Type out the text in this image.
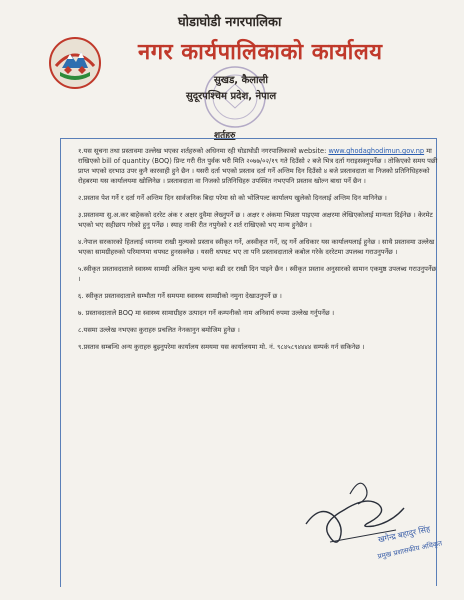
घोडाघोडी नगरपालिका
नगर कार्यपालिकाको कार्यालय
सुखड, कैलाली
सुदूरपश्चिम प्रदेश, नेपाल
शर्तहरु

१.यस सूचना तथा प्रस्तावमा उल्लेख भएका शर्तहरुको अधिनमा रही घोडाघोडी नगरपालिकाको website: www.ghodaghodimun.gov.np मा राखिएको bill of quantity (BOQ) प्रिन्ट गरी रीत पुर्वक भरी मिति २०७७/०२/१९ गते दिउँसो २ बजे भित्र दर्ता गराइसक्नुपर्नेछ । तोकिएको समय पछी प्राप्त भएको दरभाउ उपर कुनै कारवाही हुने छैन । यसरी दर्ता भएको प्रस्ताव दर्ता गर्ने अन्तिम दिन दिउँसो ४ बजे प्रस्तावदाता वा निजको प्रतिनिधिहरुको रोहबरमा यस कार्यालयमा खोलिनेछ । प्रस्तावदाता वा निजको प्रतिनिधिहरु उपस्थित नभएपनि प्रस्ताव खोल्न बाधा पर्ने छैन ।

२.प्रस्ताव पेश गर्ने र दर्ता गर्ने अन्तिम दिन सार्वजनिक बिदा परेमा सो को भोलिपल्ट कार्यालय खुलेको दिनलाई अन्तिम दिन मानिनेछ ।

३.प्रस्तावमा सु.अ.कर बाहेकको दररेट अंक र अक्षर दुवैमा लेख्नुपर्ने छ । अक्षर र अंकमा भिन्नता पाइएमा अक्षरमा लेखिएकोलाई मान्यता दिईनेछ । केरमेट भएको भए सहीछाप गरेको हुनु पर्नेछ । स्याह नाकी रीत नपुगेको र शर्त राखिएको भए मान्य हुनेछैन ।

४.नेपाल सरकारको हितलाई ध्यानमा राखी मुल्यको प्रस्ताव स्वीकृत गर्ने, अस्वीकृत गर्ने, रद्द गर्ने अधिकार यस कार्यालयलाई हुनेछ । साथै प्रस्तावमा उल्लेख भएका सामग्रीहरुको परिमाणमा थपघट हुनसक्नेछ । यसरी थपघट भए ता पनि प्रस्तावदाताले कबोल गरेके दररेटमा उपलब्ध गराउनुपर्नेछ ।

५.स्वीकृत प्रस्तावदाताले स्वास्थ्य सामग्री अंकित मुल्य भन्दा बढी दर राखी दिन पाइने छैन । स्वीकृत प्रस्ताव अनुसारको सामान एकमुष्ठ उपलब्ध गराउनुपर्नेछ ।

६. स्वीकृत प्रस्तावदाताले सम्भौता गर्ने समयमा स्वास्थ्य सामग्रीको नमुना देखाउनुपर्ने छ ।

७. प्रस्तावदाताले BOQ मा स्वास्थ्य सामाग्रीहरु उत्पादन गर्ने कम्पनीको नाम अनिवार्य रुपमा उल्लेख गर्नुपर्नेछ ।

८.यसमा उल्लेख नभएका कुराहरु प्रचलित नेनकानुन बमोजिम हुनेछ ।

९.प्रस्ताव सम्बन्धि अन्य कुराहरु बुझ्नुपरेमा कार्यालय समयमा यस कार्यालयमा मो. नं. ९८४५८९४४४४ सम्पर्क गर्न सकिनेछ ।

खगेन्द्र बहादुर सिंह
प्रमुख प्रशासकीय अधिकृत
